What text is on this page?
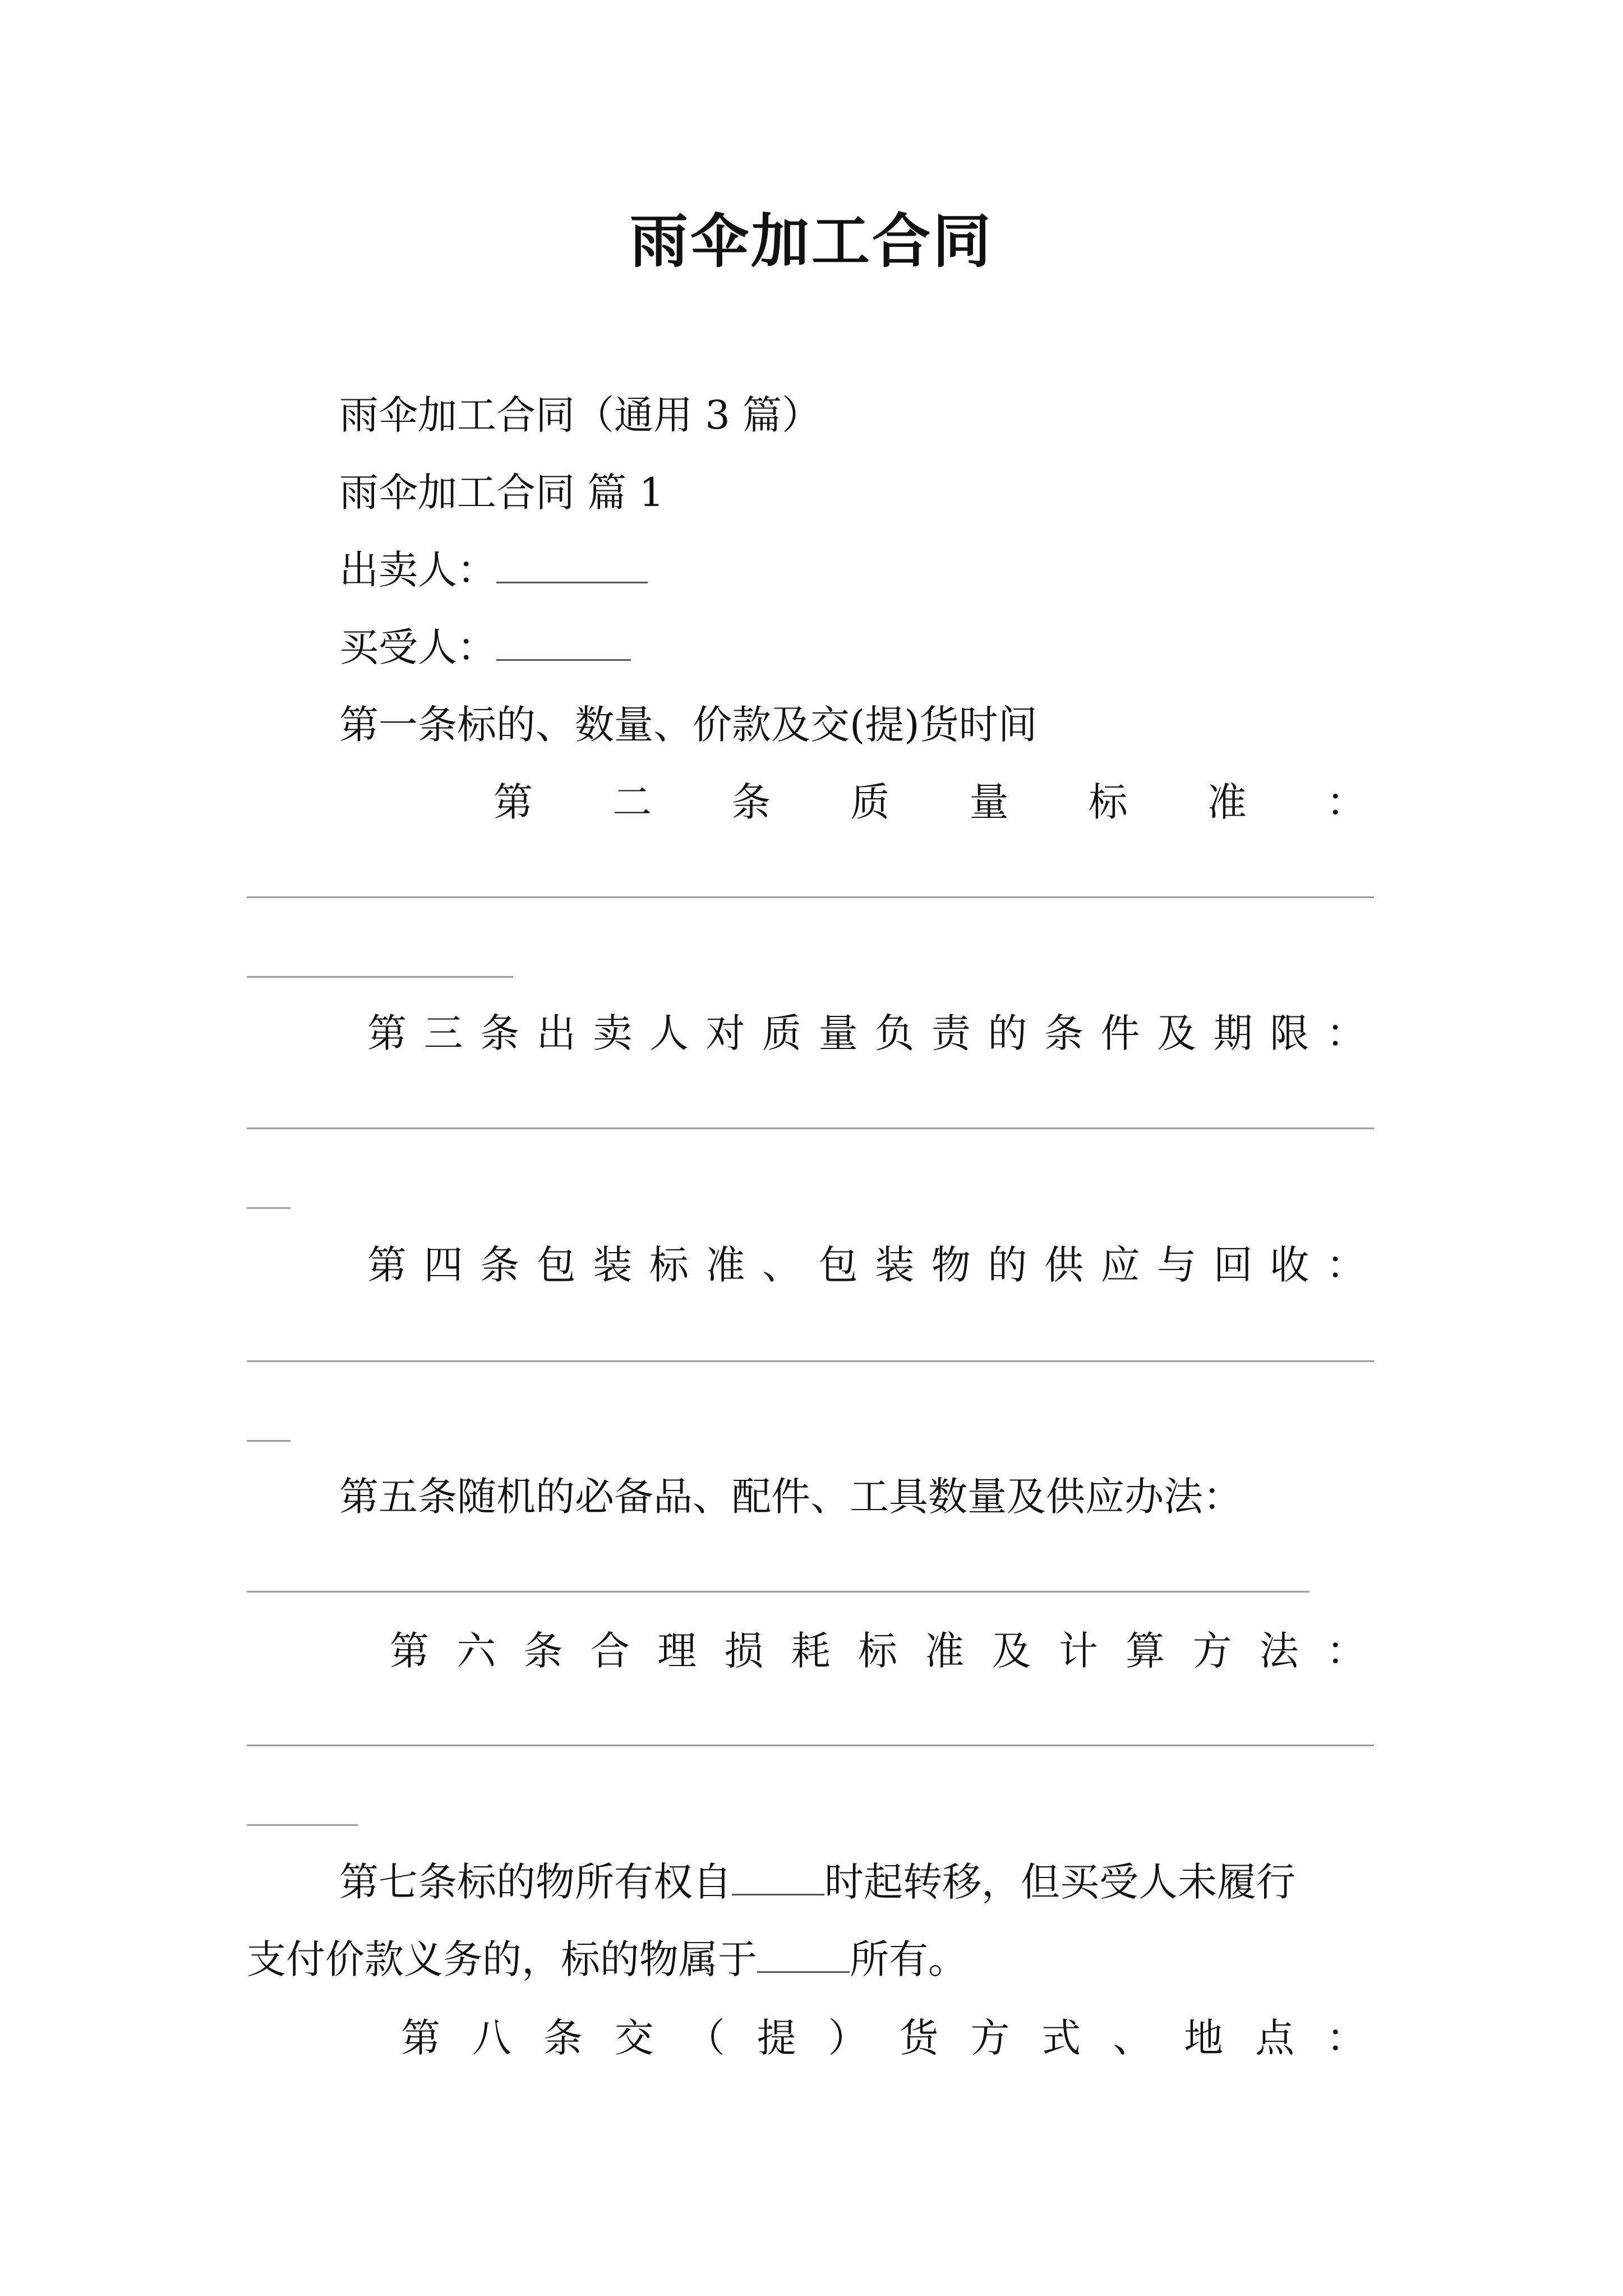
雨伞加工合同
雨伞加工合同（通用 3 篇）
雨伞加工合同 篇 1
出卖人：
买受人：
第一条标的、数量、价款及交(提)货时间
第 二 条 质 量 标 准 ：
第 三 条 出 卖 人 对 质 量 负 责 的 条 件 及 期 限 ：
第 四 条 包 装 标 准 、 包 装 物 的 供 应 与 回 收 ：
第五条随机的必备品、配件、工具数量及供应办法：
第 六 条 合 理 损 耗 标 准 及 计 算 方 法 ：
第七条标的物所有权自 时起转移，但买受人未履行
支付价款义务的，标的物属于 所有。
第 八 条 交 （ 提 ） 货 方 式 、 地 点 ：
